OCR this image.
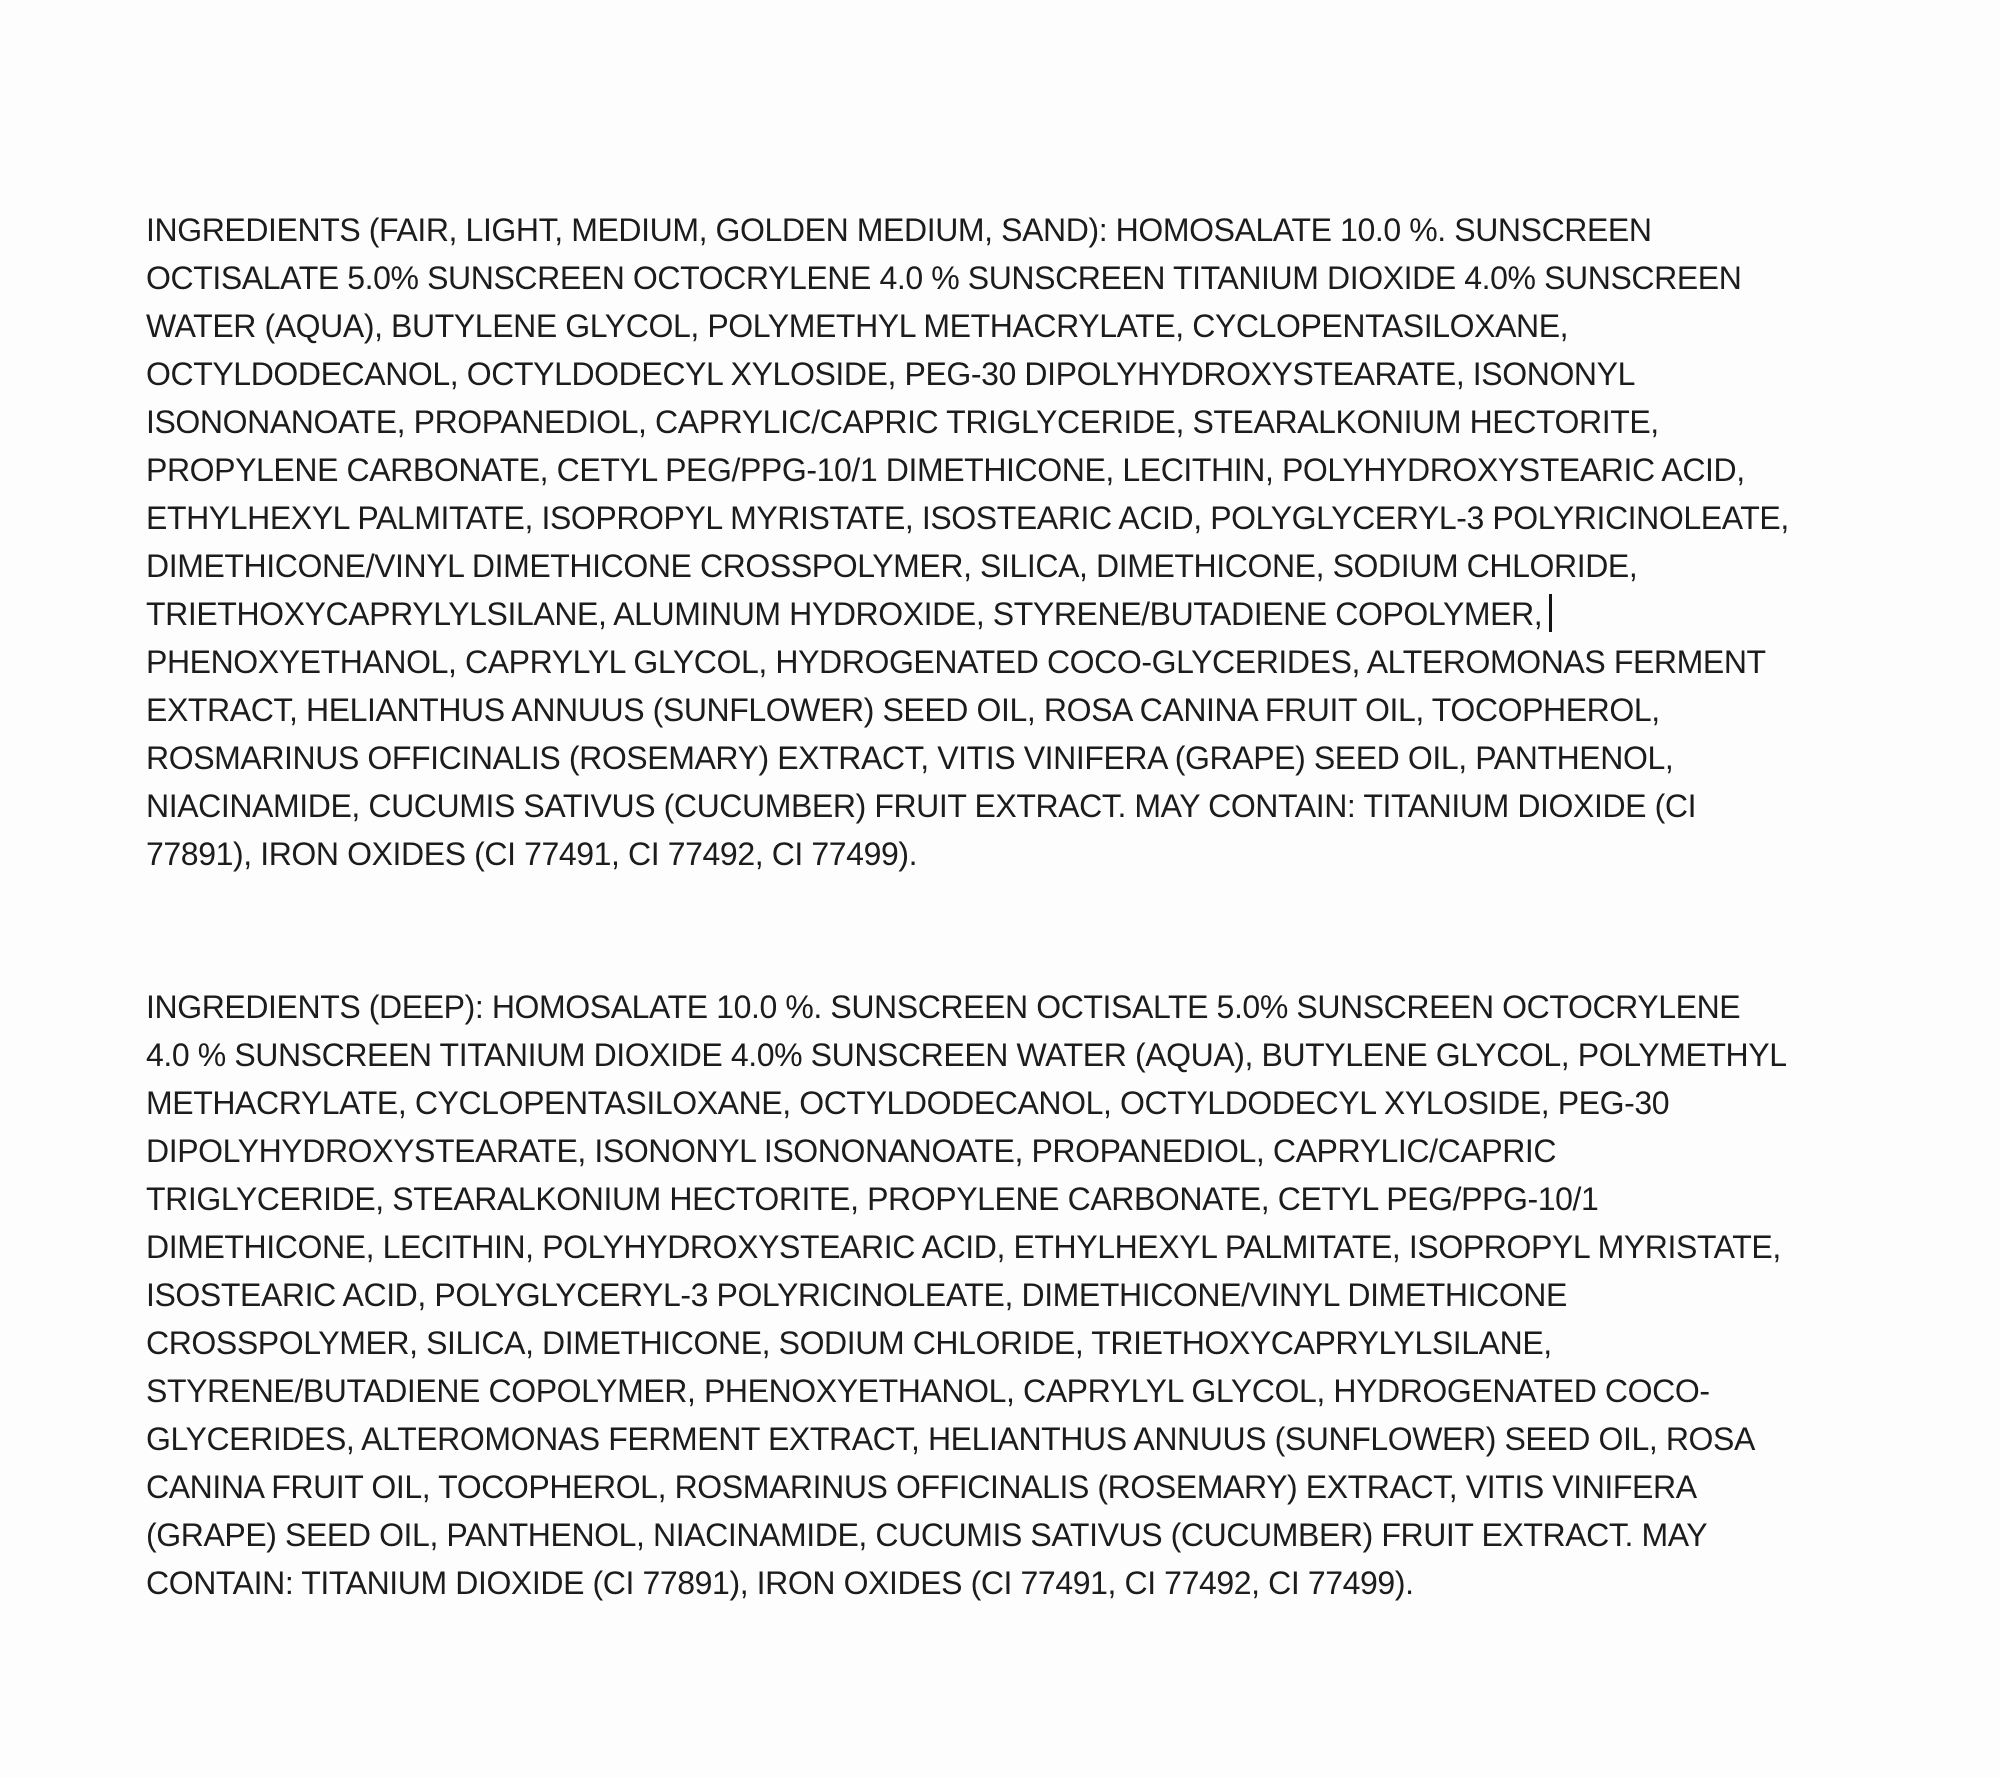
INGREDIENTS (FAIR, LIGHT, MEDIUM, GOLDEN MEDIUM, SAND): HOMOSALATE 10.0 %. SUNSCREEN
OCTISALATE 5.0% SUNSCREEN OCTOCRYLENE 4.0 % SUNSCREEN TITANIUM DIOXIDE 4.0% SUNSCREEN
WATER (AQUA), BUTYLENE GLYCOL, POLYMETHYL METHACRYLATE, CYCLOPENTASILOXANE,
OCTYLDODECANOL, OCTYLDODECYL XYLOSIDE, PEG-30 DIPOLYHYDROXYSTEARATE, ISONONYL
ISONONANOATE, PROPANEDIOL, CAPRYLIC/CAPRIC TRIGLYCERIDE, STEARALKONIUM HECTORITE,
PROPYLENE CARBONATE, CETYL PEG/PPG-10/1 DIMETHICONE, LECITHIN, POLYHYDROXYSTEARIC ACID,
ETHYLHEXYL PALMITATE, ISOPROPYL MYRISTATE, ISOSTEARIC ACID, POLYGLYCERYL-3 POLYRICINOLEATE,
DIMETHICONE/VINYL DIMETHICONE CROSSPOLYMER, SILICA, DIMETHICONE, SODIUM CHLORIDE,
TRIETHOXYCAPRYLYLSILANE, ALUMINUM HYDROXIDE, STYRENE/BUTADIENE COPOLYMER,
PHENOXYETHANOL, CAPRYLYL GLYCOL, HYDROGENATED COCO-GLYCERIDES, ALTEROMONAS FERMENT
EXTRACT, HELIANTHUS ANNUUS (SUNFLOWER) SEED OIL, ROSA CANINA FRUIT OIL, TOCOPHEROL,
ROSMARINUS OFFICINALIS (ROSEMARY) EXTRACT, VITIS VINIFERA (GRAPE) SEED OIL, PANTHENOL,
NIACINAMIDE, CUCUMIS SATIVUS (CUCUMBER) FRUIT EXTRACT. MAY CONTAIN: TITANIUM DIOXIDE (CI
77891), IRON OXIDES (CI 77491, CI 77492, CI 77499).
INGREDIENTS (DEEP): HOMOSALATE 10.0 %. SUNSCREEN OCTISALTE 5.0% SUNSCREEN OCTOCRYLENE
4.0 % SUNSCREEN TITANIUM DIOXIDE 4.0% SUNSCREEN WATER (AQUA), BUTYLENE GLYCOL, POLYMETHYL
METHACRYLATE, CYCLOPENTASILOXANE, OCTYLDODECANOL, OCTYLDODECYL XYLOSIDE, PEG-30
DIPOLYHYDROXYSTEARATE, ISONONYL ISONONANOATE, PROPANEDIOL, CAPRYLIC/CAPRIC
TRIGLYCERIDE, STEARALKONIUM HECTORITE, PROPYLENE CARBONATE, CETYL PEG/PPG-10/1
DIMETHICONE, LECITHIN, POLYHYDROXYSTEARIC ACID, ETHYLHEXYL PALMITATE, ISOPROPYL MYRISTATE,
ISOSTEARIC ACID, POLYGLYCERYL-3 POLYRICINOLEATE, DIMETHICONE/VINYL DIMETHICONE
CROSSPOLYMER, SILICA, DIMETHICONE, SODIUM CHLORIDE, TRIETHOXYCAPRYLYLSILANE,
STYRENE/BUTADIENE COPOLYMER, PHENOXYETHANOL, CAPRYLYL GLYCOL, HYDROGENATED COCO-
GLYCERIDES, ALTEROMONAS FERMENT EXTRACT, HELIANTHUS ANNUUS (SUNFLOWER) SEED OIL, ROSA
CANINA FRUIT OIL, TOCOPHEROL, ROSMARINUS OFFICINALIS (ROSEMARY) EXTRACT, VITIS VINIFERA
(GRAPE) SEED OIL, PANTHENOL, NIACINAMIDE, CUCUMIS SATIVUS (CUCUMBER) FRUIT EXTRACT. MAY
CONTAIN: TITANIUM DIOXIDE (CI 77891), IRON OXIDES (CI 77491, CI 77492, CI 77499).
